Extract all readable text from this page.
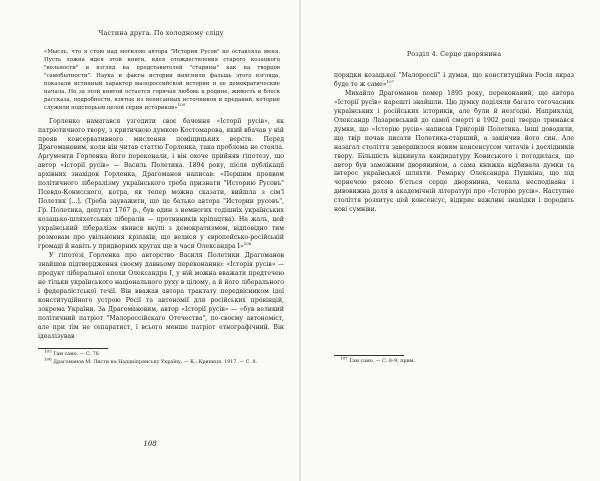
Частина друга. По холодному сліду
«Мысль, что я стою над могилою автора "Истории Русов" не оставляла меня. Пусть ложна идея этой книги, идея отождествления старого козацкого "вольности" и взгляд на представителей "старины" как на творцов "самобытности". Наука и факты истории выяснили фальшь этого взгляда, показали истинный характер малороссийской истории и ее демократические начала. Но за этой книгой остается горячая любовь к родине, живость и блеск рассказа, подробности, взятые из неписанных источников и преданий, которые служили подспорьем целой серии историков»$^{105}$

Горленко намагався узгодити своє бачення «Історії русів», як патріотичного твору, з критичною думкою Костомарова, який вбачав у ній прояв консервативного мислення поміщицьких верств. Перед Драгомановим, коли він читав статтю Горленка, така проблема не стояла. Аргументи Горленка його переконали, і він охоче прийняв гіпотезу, що автор «Історії русів» — Василь Полетика. 1894 року, після публікації архівних знахідок Горленка, Драгоманов написав: «Першим проявом політичного лібералізму українського треба признати "Историю Русовъ" Псевдо-Конисского, котра, як тепер можна сказати, вийшла з сім'ї Полетик [...]. (Треба зауважити, що це батько автора "Истории русовъ", Гр. Полетика, депутат 1767 р., був один з немногих тодішніх українських козацько-шляхетських лібералів — противників кріпацтва). На жаль, цей український лібералізм явився вкупі з демократизмом, відповідно тим розмовам про увільнення кріпаків, що велися у європейсько-російській громаді й навіть у придворних кругах ще в часи Олександра І»$^{106}$

У гіпотезі Горленка про авторство Василя Полетики Драгоманов знайшов підтвердження своєму давньому переконанню: «Історія русів» — продукт ліберальної епохи Олександра І, у ній можна вважати предтечею не тільки українського національного руху в цілому, а й його ліберального і федералістської течії. Він вважав автора трактату передвісником ідеї конституційного устрою Росії та автономії для російських провінцій, зокрема України. За Драгомановим, автор «Історії русів» — «був великий політичний патріот "Малороссійскаго Отечества", по-своєму автономіст, але при тім не сепаратист, і всього менше патріот етнографічний. Він ідеалізував

$^{105}$ Там само. — С. 76.
$^{106}$ Драгоманов М. Листи на Наддніпрянську Україну. — К.: Криниця, 1917. — С. 8.
108
Розділ 4. Серце дворянина

порядки козацької "Малороссії" і думав, що конституційна Росія якраз буде те ж саме»$^{107}$

Михайло Драгоманов помер 1895 року, переконаний, що автора «Історії русів» нарешті знайшли. Цю думку поділяли багато тогочасних українських і російських істориків, але були й незгодні. Наприклад, Олександр Лазаревський до самої смерті в 1902 році твердо тримався думки, що «Історію русів» написав Григорій Полетика. Інші доводили, що твір почав писати Полетика-старший, а закінчив його син. Але назагал століття завершилося новим консенсусом читачів і дослідників твору. Більшість відкинула кандидатуру Кониського і погодилася, що автор був заможним дворянином, а сама книжка відбивала думки та інтерес української шляхти. Ремарку Олександра Пушкіна, що під чернечою рясою б'ється серце дворянина, чекала несподівана і дивовижна доля в академічній літературі про «Історію русів». Наступне століття розхитує цей консенсус, відкриє важливі знахідки і породить нові сумніви.

$^{107}$ Там само. — С. 8–9, прим.
